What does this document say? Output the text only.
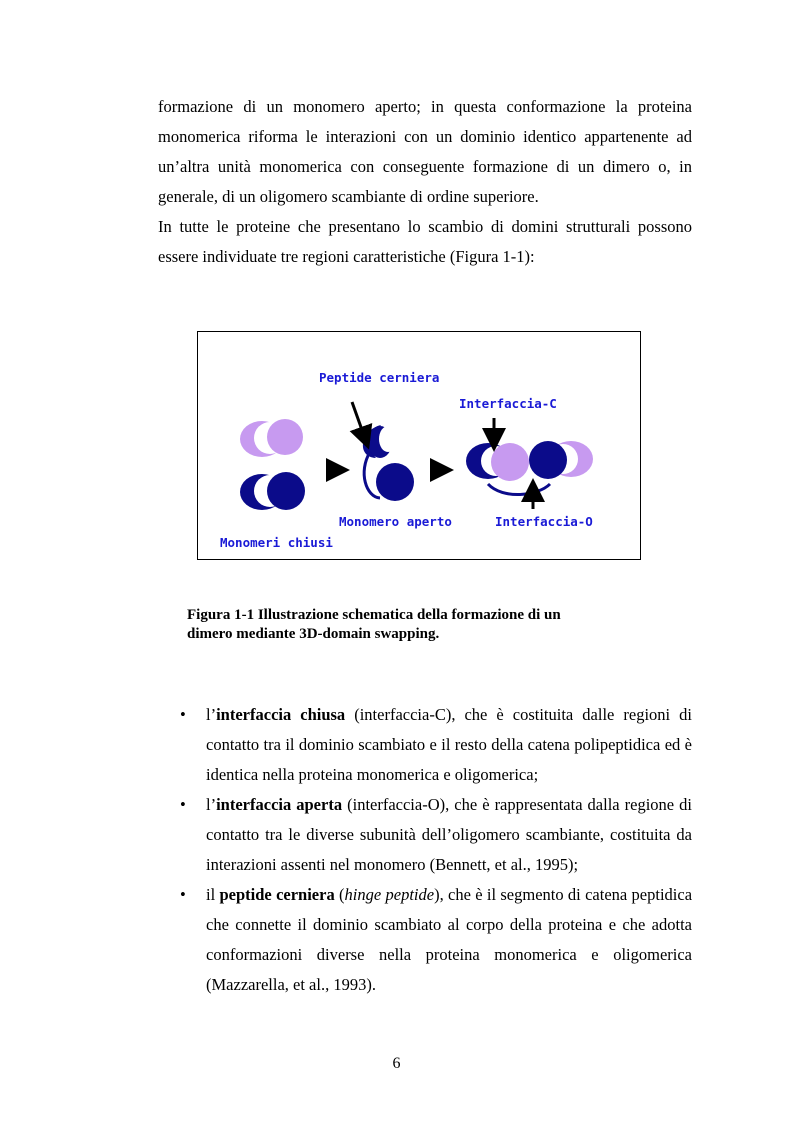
formazione di un monomero aperto; in questa conformazione la proteina monomerica riforma le interazioni con un dominio identico appartenente ad un’altra unità monomerica con conseguente formazione di un dimero o, in generale, di un oligomero scambiante di ordine superiore.

In tutte le proteine che presentano lo scambio di domini strutturali possono essere individuate tre regioni caratteristiche (Figura 1-1):

Peptide cerniera
Interfaccia-C
Monomero aperto	Interfaccia-O
Monomeri chiusi

Figura 1-1 Illustrazione schematica della formazione di un
dimero mediante 3D-domain swapping.

• l’interfaccia chiusa (interfaccia-C), che è costituita dalle regioni di contatto tra il dominio scambiato e il resto della catena polipeptidica ed è identica nella proteina monomerica e oligomerica;
• l’interfaccia aperta (interfaccia-O), che è rappresentata dalla regione di contatto tra le diverse subunità dell’oligomero scambiante, costituita da interazioni assenti nel monomero (Bennett, et al., 1995);
• il peptide cerniera (hinge peptide), che è il segmento di catena peptidica che connette il dominio scambiato al corpo della proteina e che adotta conformazioni diverse nella proteina monomerica e oligomerica (Mazzarella, et al., 1993).
6
